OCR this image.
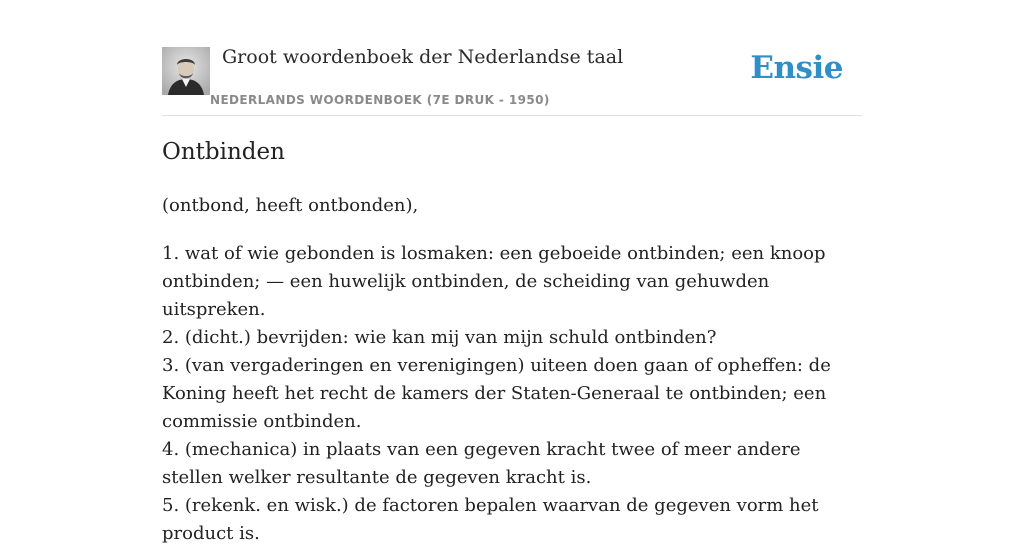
Groot woordenboek der Nederlandse taal
NEDERLANDS WOORDENBOEK (7E DRUK - 1950)
Ensie
Ontbinden

(ontbond, heeft ontbonden),

1. wat of wie gebonden is losmaken: een geboeide ontbinden; een knoop ontbinden; — een huwelijk ontbinden, de scheiding van gehuwden uitspreken.

2. (dicht.) bevrijden: wie kan mij van mijn schuld ontbinden?

3. (van vergaderingen en verenigingen) uiteen doen gaan of opheffen: de Koning heeft het recht de kamers der Staten-Generaal te ontbinden; een commissie ontbinden.

4. (mechanica) in plaats van een gegeven kracht twee of meer andere stellen welker resultante de gegeven kracht is.

5. (rekenk. en wisk.) de factoren bepalen waarvan de gegeven vorm het product is.
